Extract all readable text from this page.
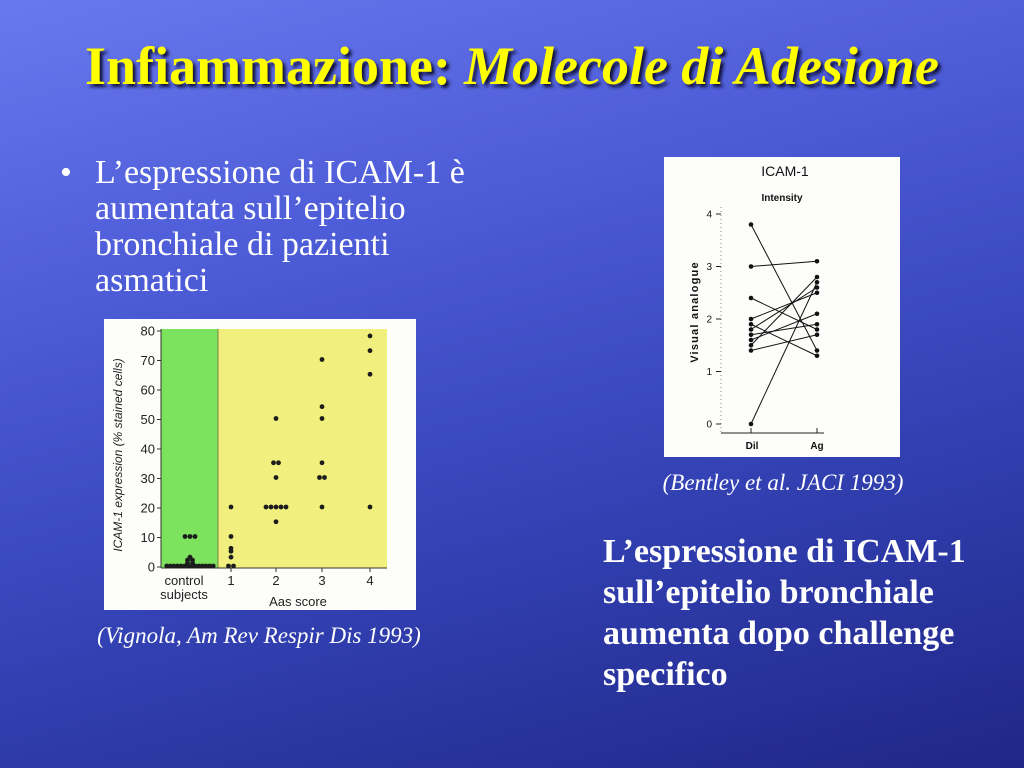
Infiammazione: Molecole di Adesione
• L’espressione di ICAM-1 è
aumentata sull’epitelio
bronchiale di pazienti
asmatici
0
10
20
30
40
50
60
70
80
ICAM-1 expression (% stained cells)
Aas score
control subjects
1	2	3	4
(Vignola, Am Rev Respir Dis 1993)
ICAM-1
Intensity
Visual analogue
0
1
2
3
4
Dil	Ag
(Bentley et al. JACI 1993)
L’espressione di ICAM-1
sull’epitelio bronchiale
aumenta dopo challenge
specifico
